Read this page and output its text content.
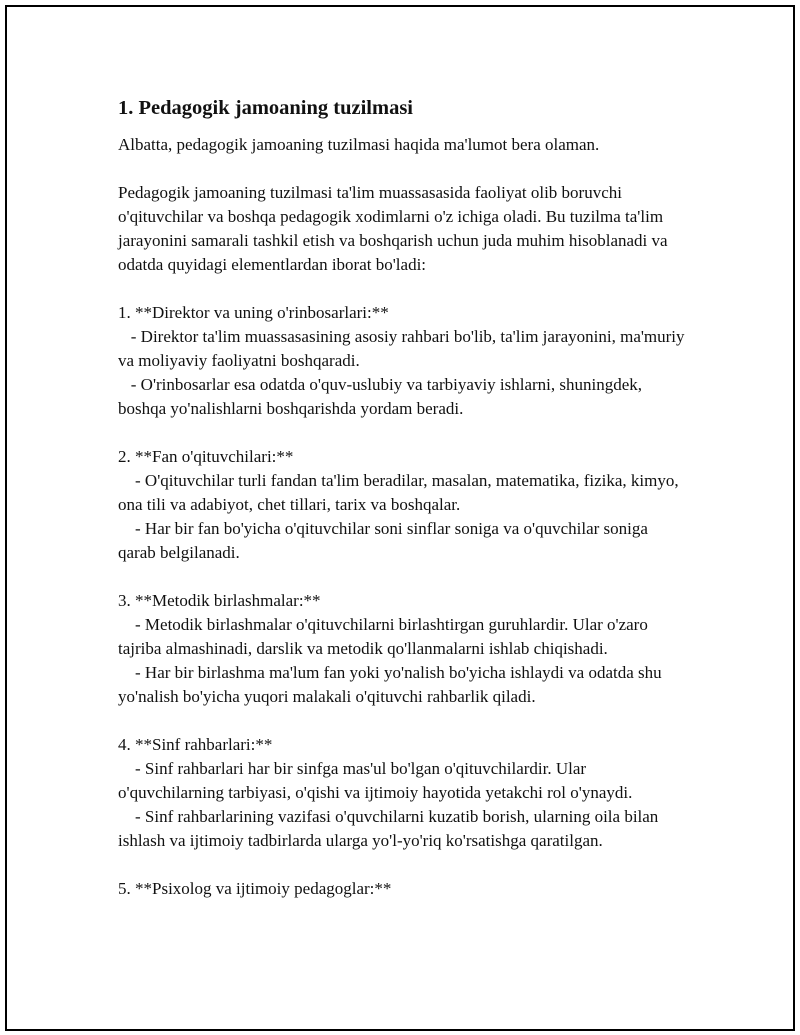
1. Pedagogik jamoaning tuzilmasi

Albatta, pedagogik jamoaning tuzilmasi haqida ma'lumot bera olaman.

Pedagogik jamoaning tuzilmasi ta'lim muassasasida faoliyat olib boruvchi o'qituvchilar va boshqa pedagogik xodimlarni o'z ichiga oladi. Bu tuzilma ta'lim jarayonini samarali tashkil etish va boshqarish uchun juda muhim hisoblanadi va odatda quyidagi elementlardan iborat bo'ladi:

1. **Direktor va uning o'rinbosarlari:**

- Direktor ta'lim muassasasining asosiy rahbari bo'lib, ta'lim jarayonini, ma'muriy va moliyaviy faoliyatni boshqaradi.

- O'rinbosarlar esa odatda o'quv-uslubiy va tarbiyaviy ishlarni, shuningdek, boshqa yo'nalishlarni boshqarishda yordam beradi.

2. **Fan o'qituvchilari:**

- O'qituvchilar turli fandan ta'lim beradilar, masalan, matematika, fizika, kimyo, ona tili va adabiyot, chet tillari, tarix va boshqalar.

- Har bir fan bo'yicha o'qituvchilar soni sinflar soniga va o'quvchilar soniga qarab belgilanadi.

3. **Metodik birlashmalar:**

- Metodik birlashmalar o'qituvchilarni birlashtirgan guruhlardir. Ular o'zaro tajriba almashinadi, darslik va metodik qo'llanmalarni ishlab chiqishadi.

- Har bir birlashma ma'lum fan yoki yo'nalish bo'yicha ishlaydi va odatda shu yo'nalish bo'yicha yuqori malakali o'qituvchi rahbarlik qiladi.

4. **Sinf rahbarlari:**

- Sinf rahbarlari har bir sinfga mas'ul bo'lgan o'qituvchilardir. Ular o'quvchilarning tarbiyasi, o'qishi va ijtimoiy hayotida yetakchi rol o'ynaydi.

- Sinf rahbarlarining vazifasi o'quvchilarni kuzatib borish, ularning oila bilan ishlash va ijtimoiy tadbirlarda ularga yo'l-yo'riq ko'rsatishga qaratilgan.

5. **Psixolog va ijtimoiy pedagoglar:**
